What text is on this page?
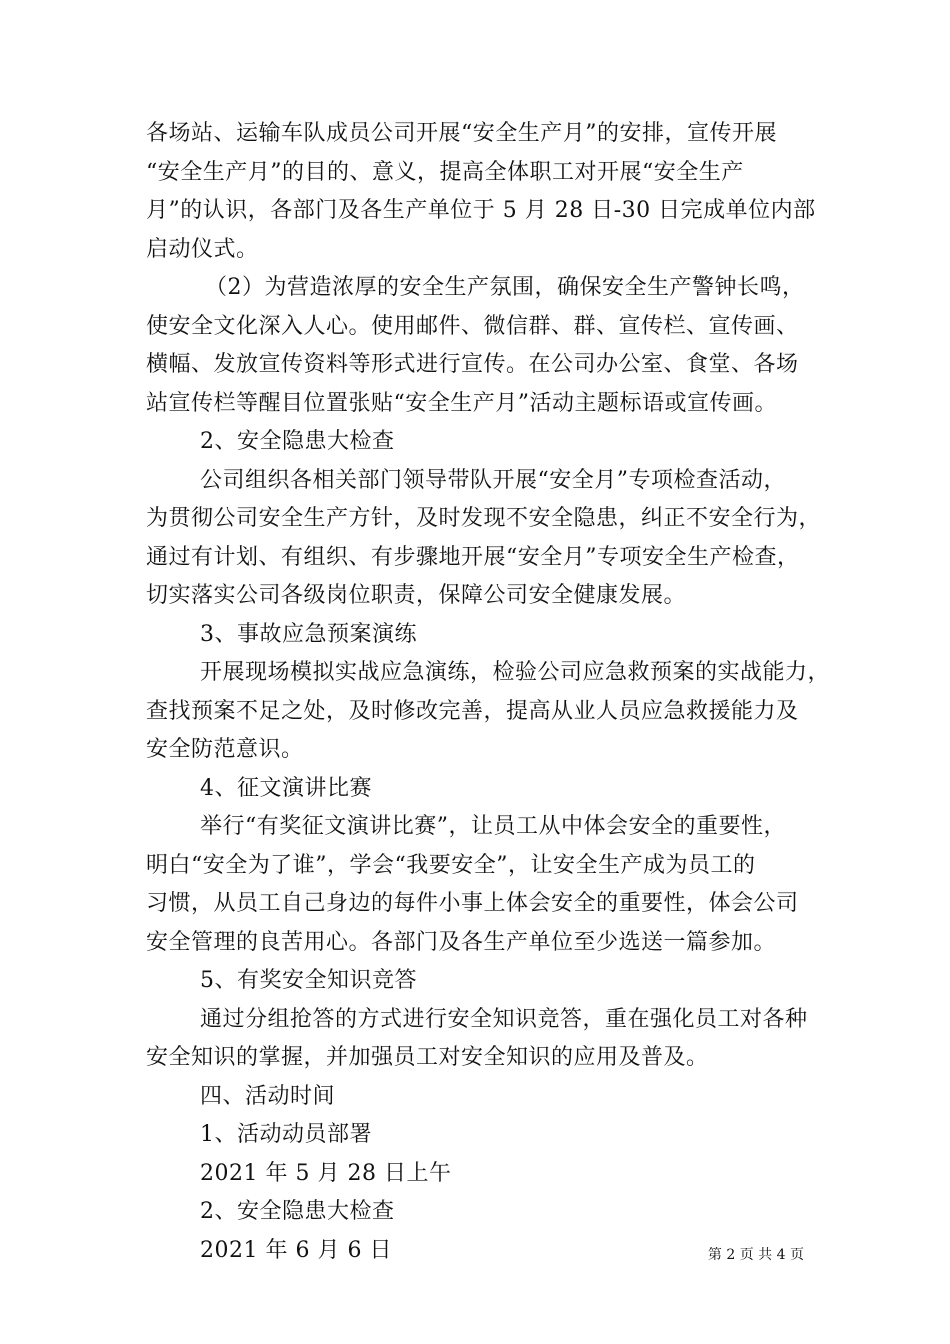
各场站、运输车队成员公司开展“安全生产月”的安排，宣传开展
“安全生产月”的目的、意义，提高全体职工对开展“安全生产
月”的认识，各部门及各生产单位于 5 月 28 日-30 日完成单位内部
启动仪式。
（2）为营造浓厚的安全生产氛围，确保安全生产警钟长鸣，
使安全文化深入人心。使用邮件、微信群、群、宣传栏、宣传画、
横幅、发放宣传资料等形式进行宣传。在公司办公室、食堂、各场
站宣传栏等醒目位置张贴“安全生产月”活动主题标语或宣传画。
2、安全隐患大检查
公司组织各相关部门领导带队开展“安全月”专项检查活动，
为贯彻公司安全生产方针，及时发现不安全隐患，纠正不安全行为，
通过有计划、有组织、有步骤地开展“安全月”专项安全生产检查，
切实落实公司各级岗位职责，保障公司安全健康发展。
3、事故应急预案演练
开展现场模拟实战应急演练，检验公司应急救预案的实战能力，
查找预案不足之处，及时修改完善，提高从业人员应急救援能力及
安全防范意识。
4、征文演讲比赛
举行“有奖征文演讲比赛”，让员工从中体会安全的重要性，
明白“安全为了谁”，学会“我要安全”，让安全生产成为员工的
习惯，从员工自己身边的每件小事上体会安全的重要性，体会公司
安全管理的良苦用心。各部门及各生产单位至少选送一篇参加。
5、有奖安全知识竞答
通过分组抢答的方式进行安全知识竞答，重在强化员工对各种
安全知识的掌握，并加强员工对安全知识的应用及普及。
四、活动时间
1、活动动员部署
2021 年 5 月 28 日上午
2、安全隐患大检查
2021 年 6 月 6 日	第 2 页 共 4 页
